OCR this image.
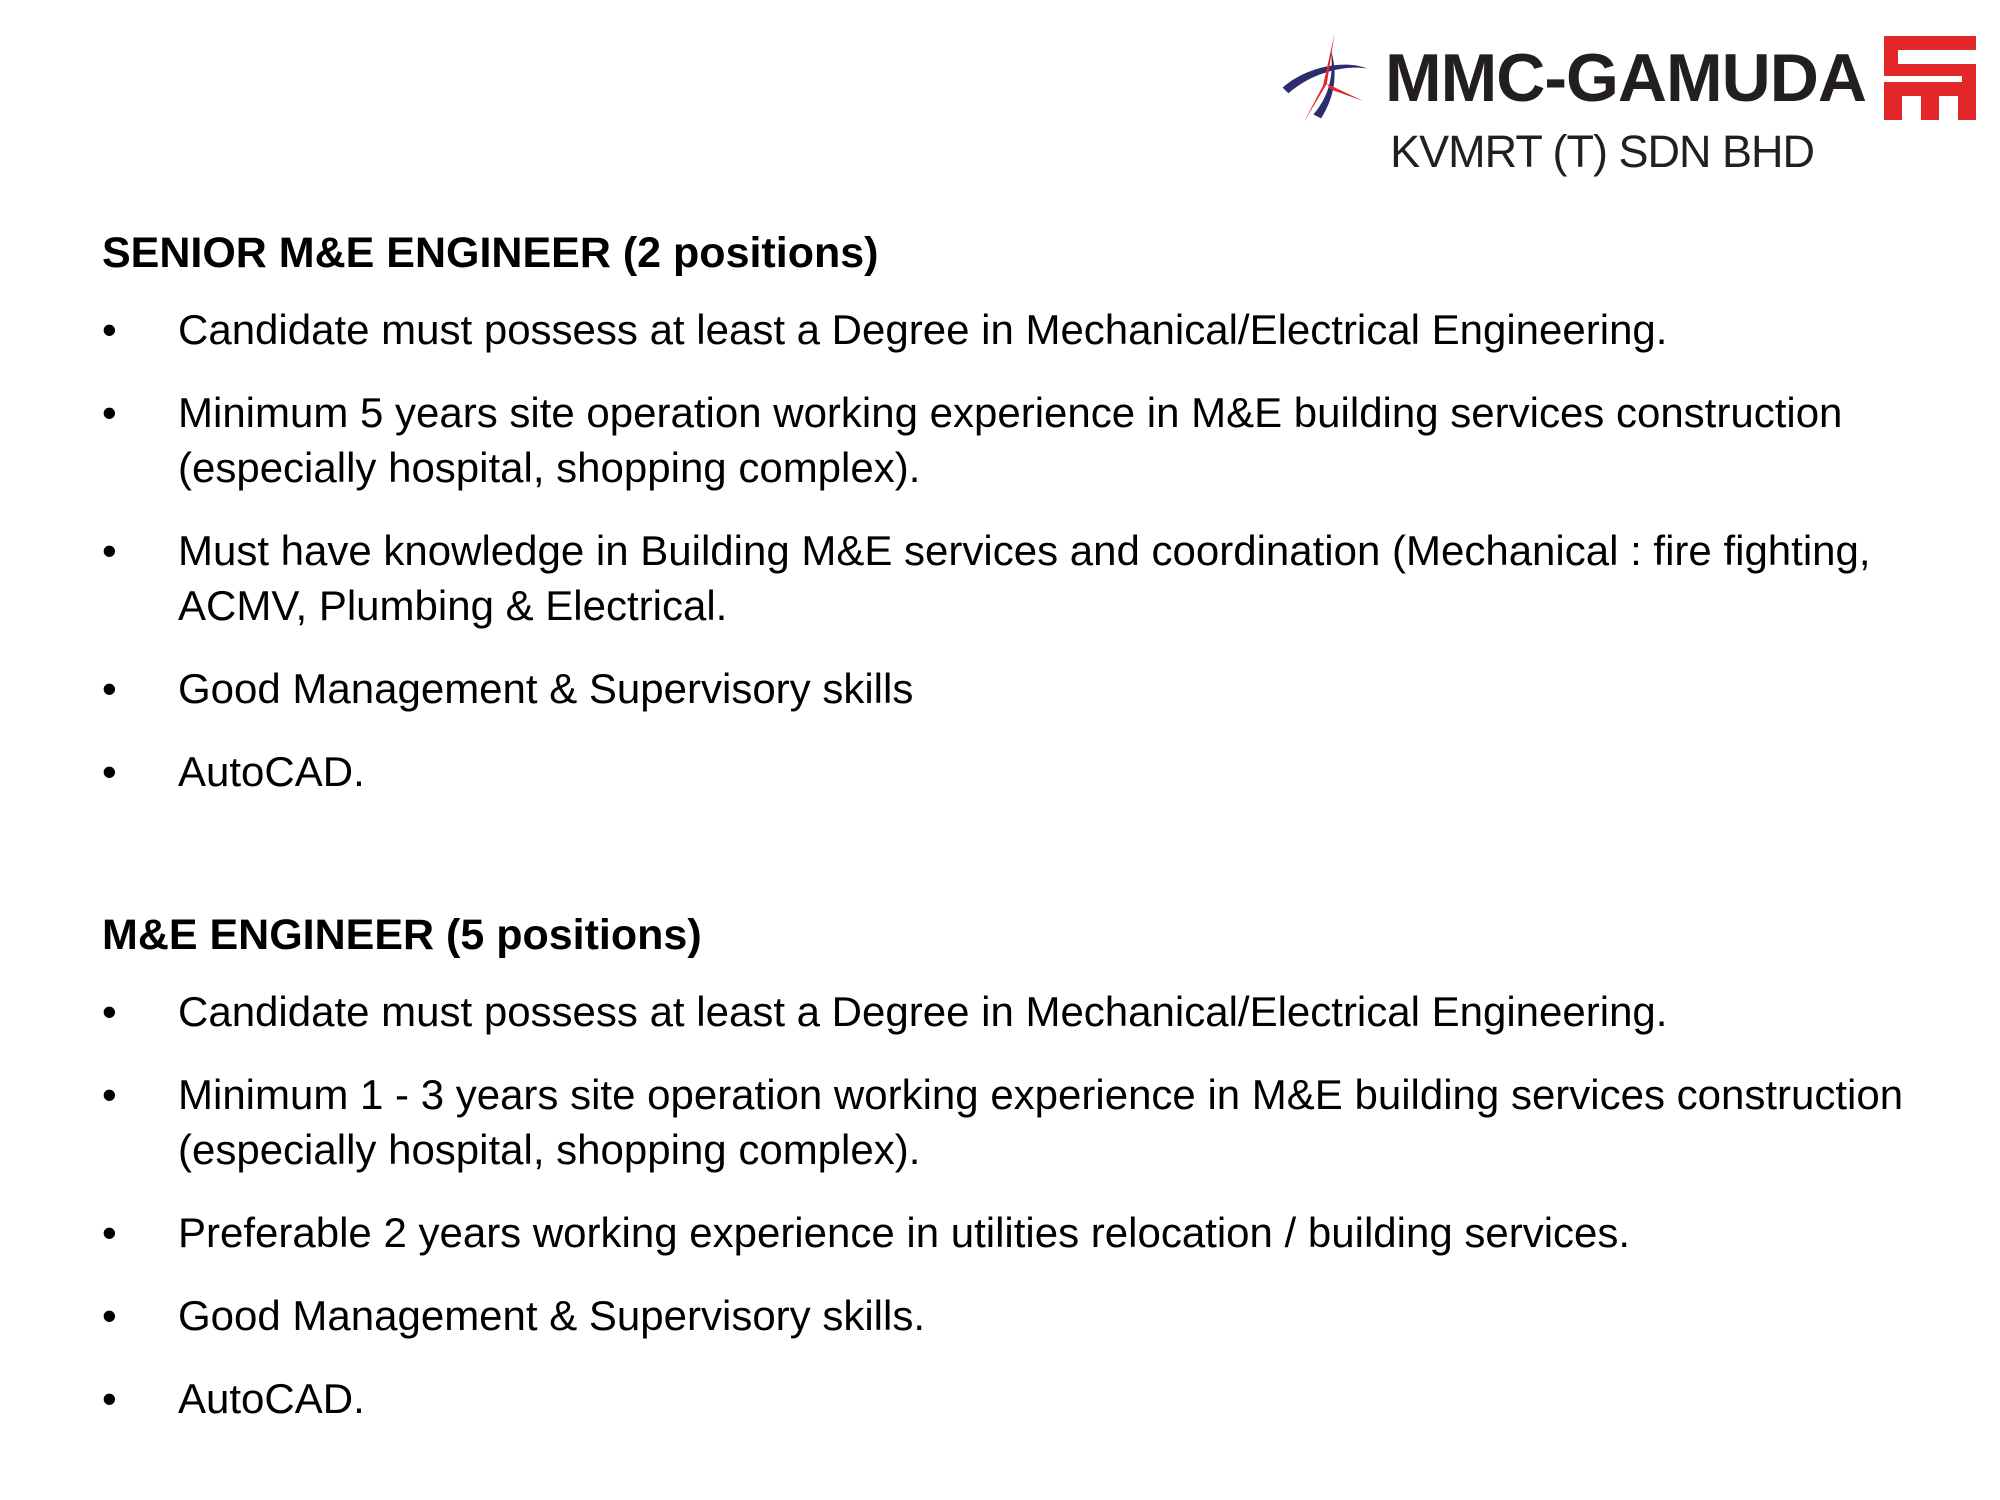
MMC-GAMUDA
KVMRT (T) SDN BHD
SENIOR M&E ENGINEER (2 positions)
•	Candidate must possess at least a Degree in Mechanical/Electrical Engineering.
•	Minimum 5 years site operation working experience in M&E building services construction (especially hospital, shopping complex).
•	Must have knowledge in Building M&E services and coordination (Mechanical : fire fighting, ACMV, Plumbing & Electrical.
•	Good Management & Supervisory skills
•	AutoCAD.
M&E ENGINEER (5 positions)
•	Candidate must possess at least a Degree in Mechanical/Electrical Engineering.
•	Minimum 1 - 3 years site operation working experience in M&E building services construction (especially hospital, shopping complex).
•	Preferable 2 years working experience in utilities relocation / building services.
•	Good Management & Supervisory skills.
•	AutoCAD.
